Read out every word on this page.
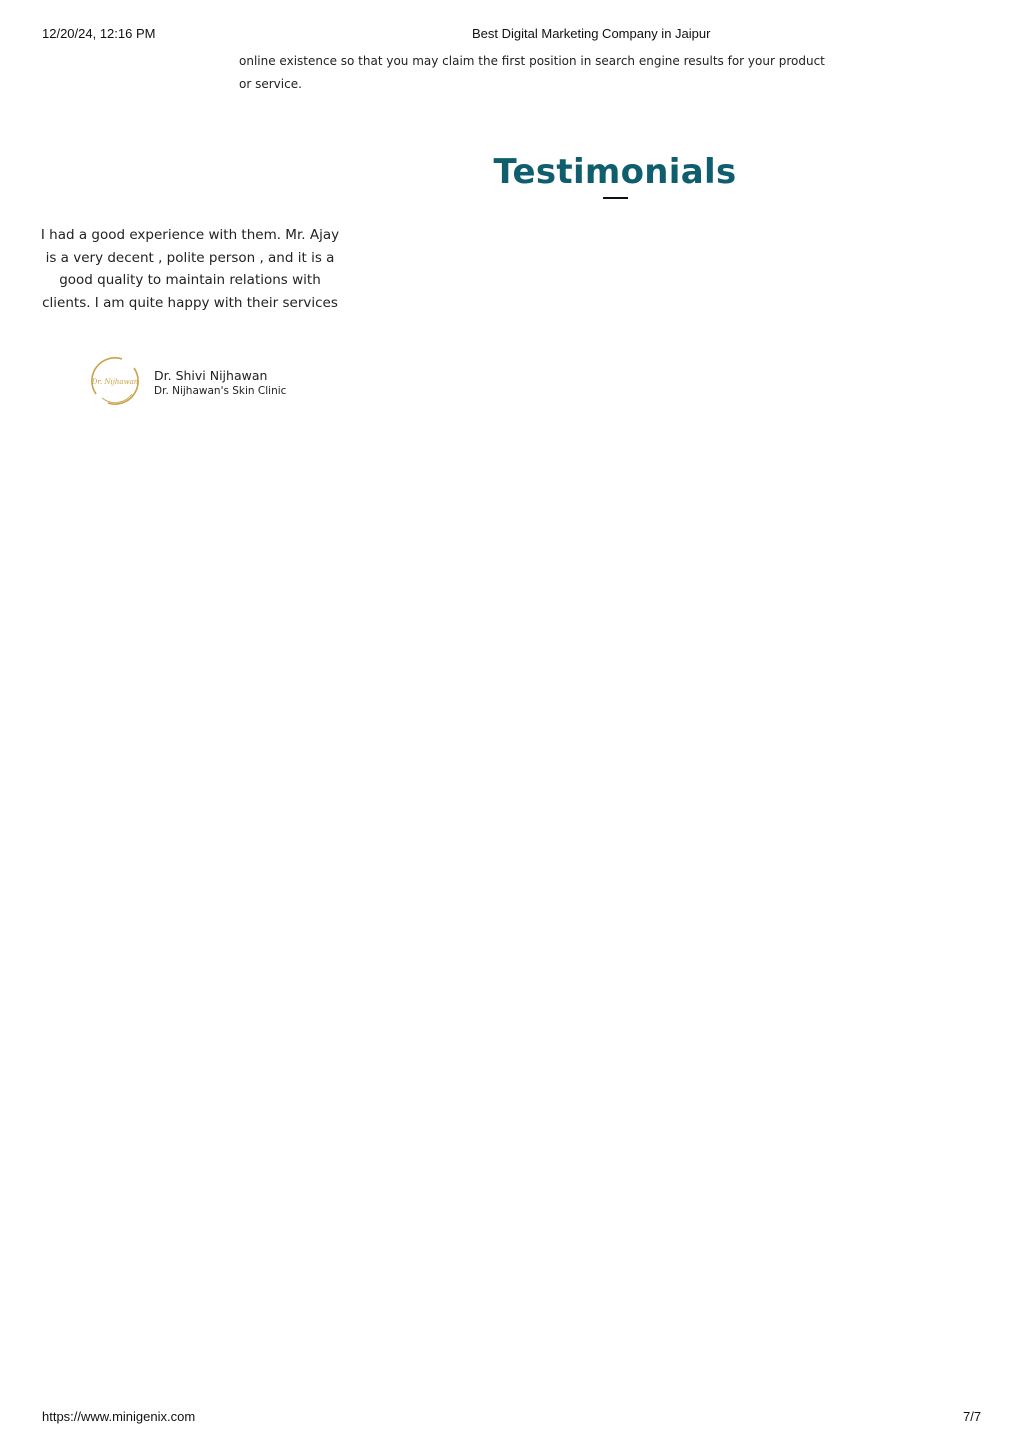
12/20/24, 12:16 PM	Best Digital Marketing Company in Jaipur
online existence so that you may claim the first position in search engine results for your product or service.
Testimonials
I had a good experience with them. Mr. Ajay is a very decent , polite person , and it is a good quality to maintain relations with clients. I am quite happy with their services
Dr. Nijhawan Dr. Shivi Nijhawan
Dr. Nijhawan's Skin Clinic
https://www.minigenix.com	7/7
